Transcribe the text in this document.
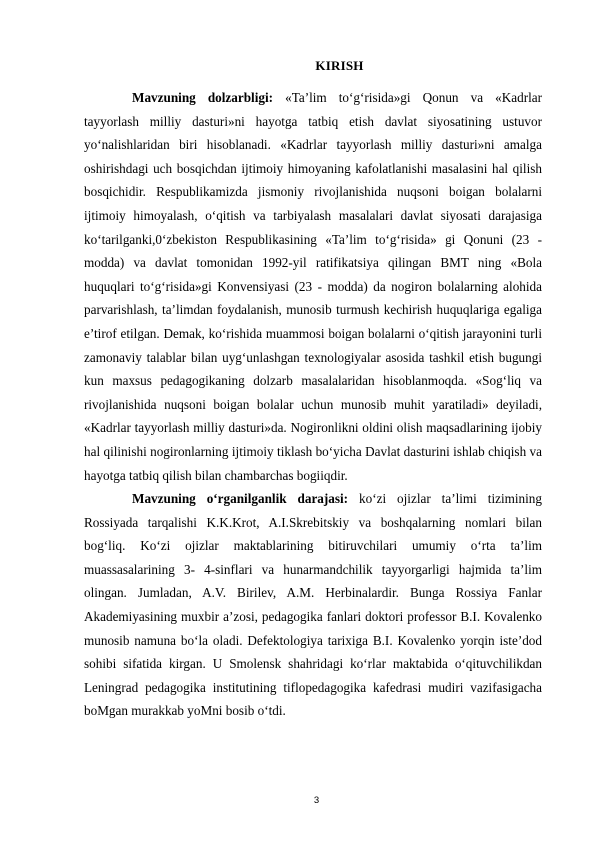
KIRISH

Mavzuning dolzarbligi: «Ta’lim to‘g‘risida»gi Qonun va «Kadrlar tayyorlash milliy dasturi»ni hayotga tatbiq etish davlat siyosatining ustuvor yo‘nalishlaridan biri hisoblanadi. «Kadrlar tayyorlash milliy dasturi»ni amalga oshirishdagi uch bosqichdan ijtimoiy himoyaning kafolatlanishi masalasini hal qilish bosqichidir. Respublikamizda jismoniy rivojlanishida nuqsoni boigan bolalarni ijtimoiy himoyalash, o‘qitish va tarbiyalash masalalari davlat siyosati darajasiga ko‘tarilganki,0‘zbekiston Respublikasining «Ta’lim to‘g‘risida» gi Qonuni (23 - modda) va davlat tomonidan 1992-yil ratifikatsiya qilingan BMT ning «Bola huquqlari to‘g‘risida»gi Konvensiyasi (23 - modda) da nogiron bolalarning alohida parvarishlash, ta’limdan foydalanish, munosib turmush kechirish huquqlariga egaliga e’tirof etilgan. Demak, ko‘rishida muammosi boigan bolalarni o‘qitish jarayonini turli zamonaviy talablar bilan uyg‘unlashgan texnologiyalar asosida tashkil etish bugungi kun maxsus pedagogikaning dolzarb masalalaridan hisoblanmoqda. «Sog‘liq va rivojlanishida nuqsoni boigan bolalar uchun munosib muhit yaratiladi» deyiladi, «Kadrlar tayyorlash milliy dasturi»da. Nogironlikni oldini olish maqsadlarining ijobiy hal qilinishi nogironlarning ijtimoiy tiklash bo‘yicha Davlat dasturini ishlab chiqish va hayotga tatbiq qilish bilan chambarchas bogiiqdir.

Mavzuning o‘rganilganlik darajasi: ko‘zi ojizlar ta’limi tizimining Rossiyada tarqalishi K.K.Krot, A.I.Skrebitskiy va boshqalarning nomlari bilan bog‘liq. Ko‘zi ojizlar maktablarining bitiruvchilari umumiy o‘rta ta’lim muassasalarining 3- 4-sinflari va hunarmandchilik tayyorgarligi hajmida ta’lim olingan. Jumladan, A.V. Birilev, A.M. Herbinalardir. Bunga Rossiya Fanlar Akademiyasining muxbir a’zosi, pedagogika fanlari doktori professor B.I. Kovalenko munosib namuna bo‘la oladi. Defektologiya tarixiga B.I. Kovalenko yorqin iste’dod sohibi sifatida kirgan. U Smolensk shahridagi ko‘rlar maktabida o‘qituvchilikdan Leningrad pedagogika institutining tiflopedagogika kafedrasi mudiri vazifasigacha boMgan murakkab yoMni bosib o‘tdi.

3
